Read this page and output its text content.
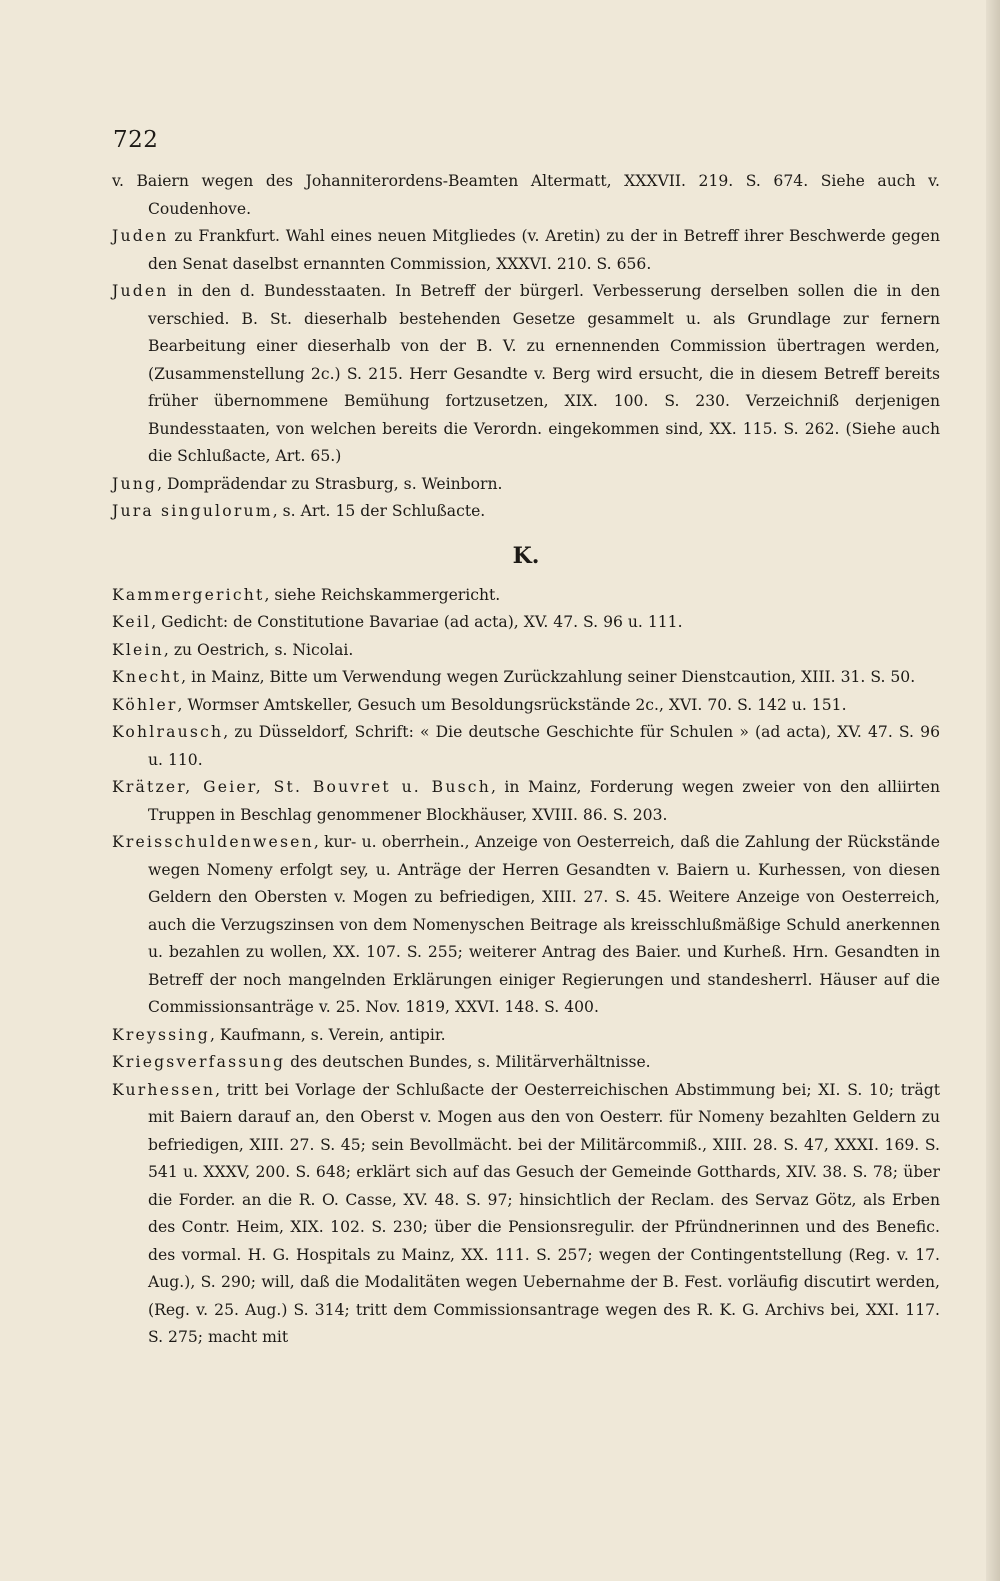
722

v. Baiern wegen des Johanniterordens-Beamten Altermatt, XXXVII. 219. S. 674. Siehe auch v. Coudenhove.

Juden zu Frankfurt. Wahl eines neuen Mitgliedes (v. Aretin) zu der in Betreff ihrer Beschwerde gegen den Senat daselbst ernannten Commission, XXXVI. 210. S. 656.

Juden in den d. Bundesstaaten. In Betreff der bürgerl. Verbesserung derselben sollen die in den verschied. B. St. dieserhalb bestehenden Gesetze gesammelt u. als Grundlage zur fernern Bearbeitung einer dieserhalb von der B. V. zu ernennenden Commission übertragen werden, (Zusammenstellung 2c.) S. 215. Herr Gesandte v. Berg wird ersucht, die in diesem Betreff bereits früher übernommene Bemühung fortzusetzen, XIX. 100. S. 230. Verzeichniß derjenigen Bundesstaaten, von welchen bereits die Verordn. eingekommen sind, XX. 115. S. 262. (Siehe auch die Schlußacte, Art. 65.)

Jung, Domprädendar zu Strasburg, s. Weinborn.

Jura singulorum, s. Art. 15 der Schlußacte.

K.

Kammergericht, siehe Reichskammergericht.

Keil, Gedicht: de Constitutione Bavariae (ad acta), XV. 47. S. 96 u. 111.

Klein, zu Oestrich, s. Nicolai.

Knecht, in Mainz, Bitte um Verwendung wegen Zurückzahlung seiner Dienstcaution, XIII. 31. S. 50.

Köhler, Wormser Amtskeller, Gesuch um Besoldungsrückstände 2c., XVI. 70. S. 142 u. 151.

Kohlrausch, zu Düsseldorf, Schrift: « Die deutsche Geschichte für Schulen » (ad acta), XV. 47. S. 96 u. 110.

Krätzer, Geier, St. Bouvret u. Busch, in Mainz, Forderung wegen zweier von den alliirten Truppen in Beschlag genommener Blockhäuser, XVIII. 86. S. 203.

Kreisschuldenwesen, kur- u. oberrhein., Anzeige von Oesterreich, daß die Zahlung der Rückstände wegen Nomeny erfolgt sey, u. Anträge der Herren Gesandten v. Baiern u. Kurhessen, von diesen Geldern den Obersten v. Mogen zu befriedigen, XIII. 27. S. 45. Weitere Anzeige von Oesterreich, auch die Verzugszinsen von dem Nomenyschen Beitrage als kreisschlußmäßige Schuld anerkennen u. bezahlen zu wollen, XX. 107. S. 255; weiterer Antrag des Baier. und Kurheß. Hrn. Gesandten in Betreff der noch mangelnden Erklärungen einiger Regierungen und standesherrl. Häuser auf die Commissionsanträge v. 25. Nov. 1819, XXVI. 148. S. 400.

Kreyssing, Kaufmann, s. Verein, antipir.

Kriegsverfassung des deutschen Bundes, s. Militärverhältnisse.

Kurhessen, tritt bei Vorlage der Schlußacte der Oesterreichischen Abstimmung bei; XI. S. 10; trägt mit Baiern darauf an, den Oberst v. Mogen aus den von Oesterr. für Nomeny bezahlten Geldern zu befriedigen, XIII. 27. S. 45; sein Bevollmächt. bei der Militärcommiß., XIII. 28. S. 47, XXXI. 169. S. 541 u. XXXV, 200. S. 648; erklärt sich auf das Gesuch der Gemeinde Gotthards, XIV. 38. S. 78; über die Forder. an die R. O. Casse, XV. 48. S. 97; hinsichtlich der Reclam. des Servaz Götz, als Erben des Contr. Heim, XIX. 102. S. 230; über die Pensionsregulir. der Pfründnerinnen und des Benefic. des vormal. H. G. Hospitals zu Mainz, XX. 111. S. 257; wegen der Contingentstellung (Reg. v. 17. Aug.), S. 290; will, daß die Modalitäten wegen Uebernahme der B. Fest. vorläufig discutirt werden, (Reg. v. 25. Aug.) S. 314; tritt dem Commissionsantrage wegen des R. K. G. Archivs bei, XXI. 117. S. 275; macht mit
